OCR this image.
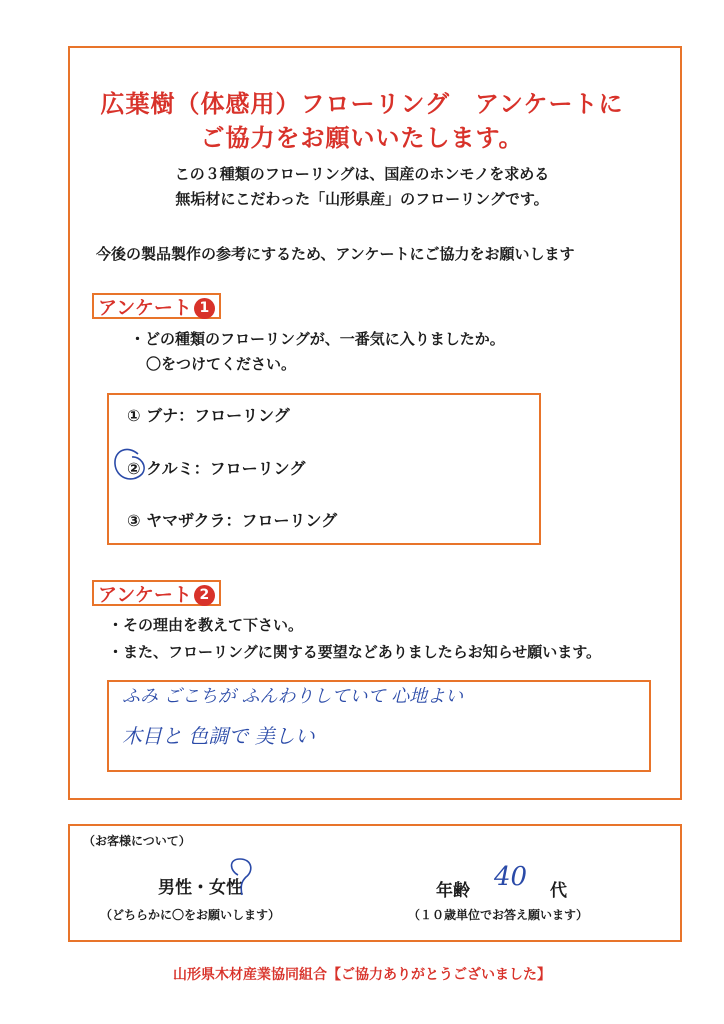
広葉樹（体感用）フローリング　アンケートに
ご協力をお願いいたします。
この３種類のフローリングは、国産のホンモノを求める
無垢材にこだわった「山形県産」のフローリングです。
今後の製品製作の参考にするため、アンケートにご協力をお願いします
アンケート 1
・どの種類のフローリングが、一番気に入りましたか。
〇をつけてください。
① ブナ：フローリング
② クルミ：フローリング
③ ヤマザクラ：フローリング
アンケート 2
・その理由を教えて下さい。
・また、フローリングに関する要望などありましたらお知らせ願います。
ふみ ごこちが ふんわりしていて 心地よい
木目と 色調で 美しい
（お客様について）
男性・女性
（どちらかに〇をお願いします）
年齢 40 代
（１０歳単位でお答え願います）
山形県木材産業協同組合【ご協力ありがとうございました】
